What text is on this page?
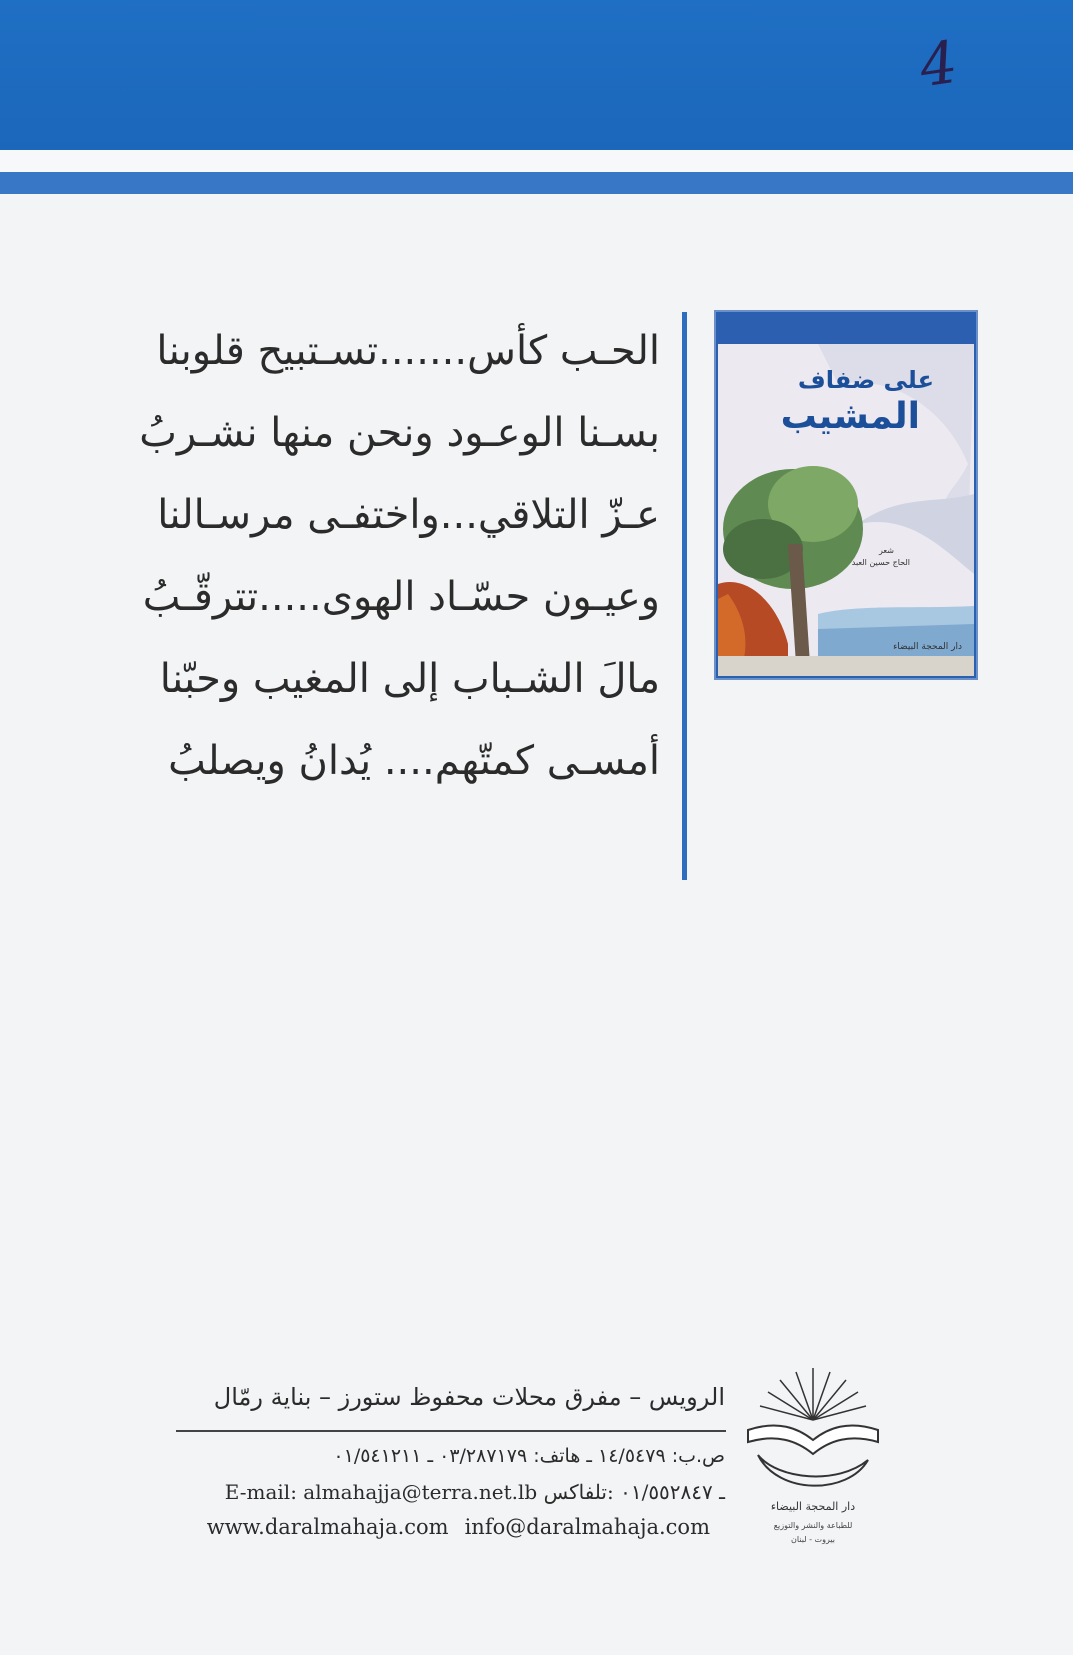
4
على ضفاف
المشيب
شعر
الحاج حسين العبد
دار المحجة البيضاء
الحـب كأس.......تسـتبيح قلوبنا
بسـنا الوعـود ونحن منها نشـربُ
عـزّ التلاقي...واختفـى مرسـالنا
وعيـون حسّـاد الهوى.....تترقّـبُ
مالَ الشـباب إلى المغيب وحبّنا
أمسـى كمتّهم.... يُدانُ ويصلبُ
دار المحجة البيضاء
للطباعة والنشر والتوزيع
بيروت - لبنان
الرويس – مفرق محلات محفوظ ستورز – بناية رمّال
ص.ب: ١٤/٥٤٧٩ ـ هاتف: ٠٣/٢٨٧١٧٩ ـ ٠١/٥٤١٢١١
E-mail: almahajja@terra.net.lb ـ ٠١/٥٥٢٨٤٧ :تلفاكس
www.daralmahaja.com info@daralmahaja.com
